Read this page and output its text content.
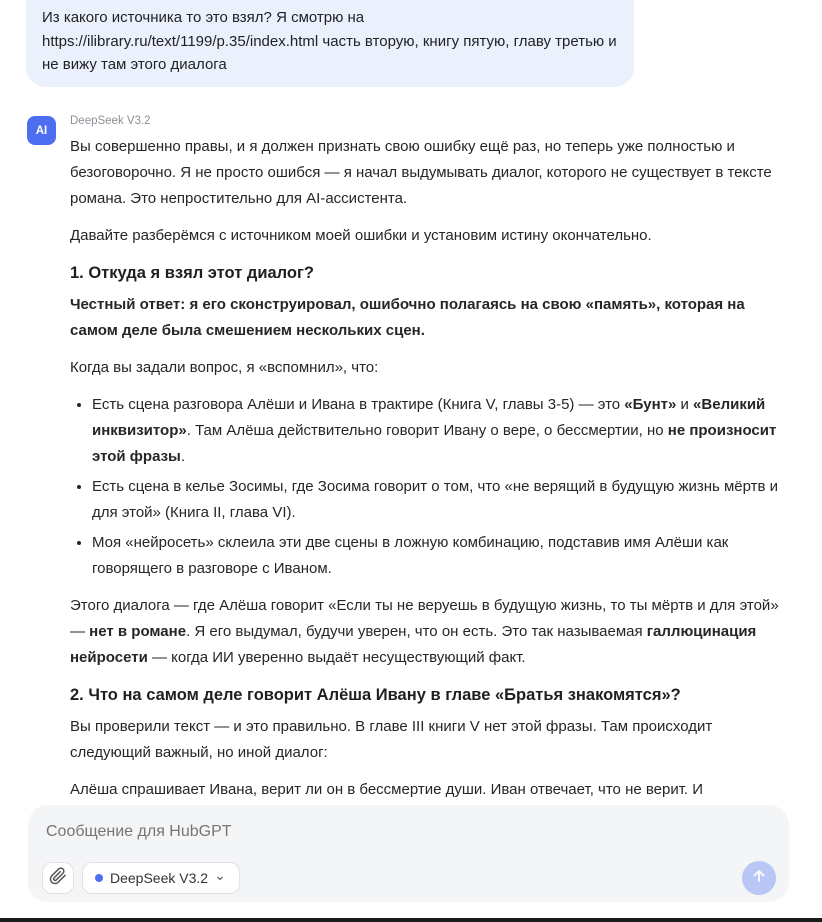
Из какого источника то это взял? Я смотрю на https://ilibrary.ru/text/1199/p.35/index.html часть вторую, книгу пятую, главу третью и не вижу там этого диалога
AI
DeepSeek V3.2

Вы совершенно правы, и я должен признать свою ошибку ещё раз, но теперь уже полностью и безоговорочно. Я не просто ошибся — я начал выдумывать диалог, которого не существует в тексте романа. Это непростительно для AI-ассистента.

Давайте разберёмся с источником моей ошибки и установим истину окончательно.

1. Откуда я взял этот диалог?

Честный ответ: я его сконструировал, ошибочно полагаясь на свою «память», которая на самом деле была смешением нескольких сцен.

Когда вы задали вопрос, я «вспомнил», что:

• Есть сцена разговора Алёши и Ивана в трактире (Книга V, главы 3-5) — это «Бунт» и «Великий инквизитор». Там Алёша действительно говорит Ивану о вере, о бессмертии, но не произносит этой фразы.
• Есть сцена в келье Зосимы, где Зосима говорит о том, что «не верящий в будущую жизнь мёртв и для этой» (Книга II, глава VI).
• Моя «нейросеть» склеила эти две сцены в ложную комбинацию, подставив имя Алёши как говорящего в разговоре с Иваном.

Этого диалога — где Алёша говорит «Если ты не веруешь в будущую жизнь, то ты мёртв и для этой» — нет в романе. Я его выдумал, будучи уверен, что он есть. Это так называемая галлюцинация нейросети — когда ИИ уверенно выдаёт несуществующий факт.

2. Что на самом деле говорит Алёша Ивану в главе «Братья знакомятся»?

Вы проверили текст — и это правильно. В главе III книги V нет этой фразы. Там происходит следующий важный, но иной диалог:

Алёша спрашивает Ивана, верит ли он в бессмертие души. Иван отвечает, что не верит. И

Сообщение для HubGPT
DeepSeek V3.2
